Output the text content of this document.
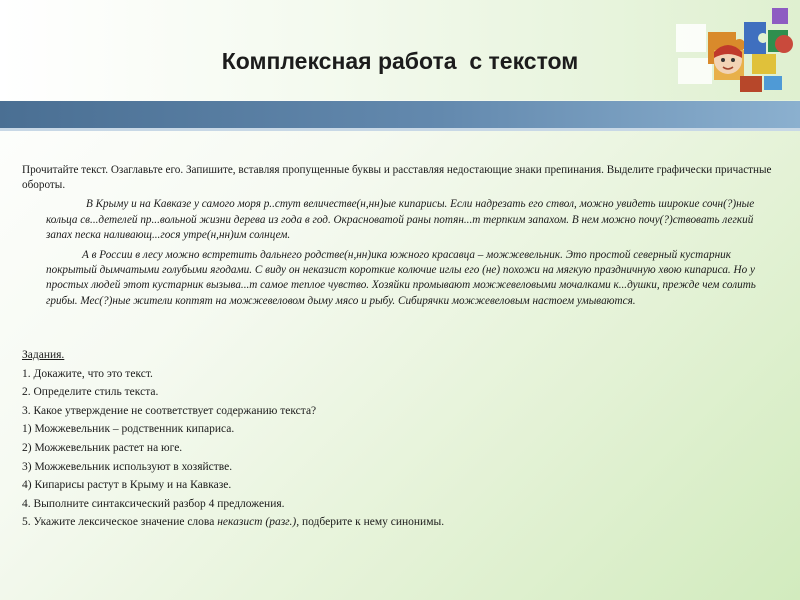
Комплексная работа  с текстом

Прочитайте текст. Озаглавьте его. Запишите, вставляя пропущенные буквы и расставляя недостающие знаки препинания. Выделите графически причастные обороты.

В Крыму и на Кавказе у самого моря р..стут величестве(н,нн)ые кипарисы. Если надрезать его ствол, можно увидеть широкие сочн(?)ные кольца св...детелей пр...вольной жизни дерева из года в год. Окрасноватой раны потян...т терпким запахом. В нем можно почу(?)ствовать легкий запах песка наливающ...гося утре(н,нн)им солнцем.

А в России в лесу можно встретить дальнего родстве(н,нн)ика южного красавца – можжевельник. Это простой северный кустарник покрытый дымчатыми голубыми ягодами. С виду он неказист короткие колючие иглы его (не) похожи на мягкую праздничную хвою кипариса. Но у простых людей этот кустарник вызыва...т самое теплое чувство. Хозяйки промывают можжевеловыми мочалками к...душки, прежде чем солить грибы. Мес(?)ные жители коптят на можжевеловом дыму мясо и рыбу. Сибирячки можжевеловым настоем умываются.

Задания.
1. Докажите, что это текст.
2. Определите стиль текста.
3. Какое утверждение не соответствует содержанию текста?
1) Можжевельник – родственник кипариса.
2) Можжевельник растет на юге.
3) Можжевельник используют в хозяйстве.
4) Кипарисы растут в Крыму и на Кавказе.
4. Выполните синтаксический разбор 4 предложения.
5. Укажите лексическое значение слова неказист (разг.), подберите к нему синонимы.
